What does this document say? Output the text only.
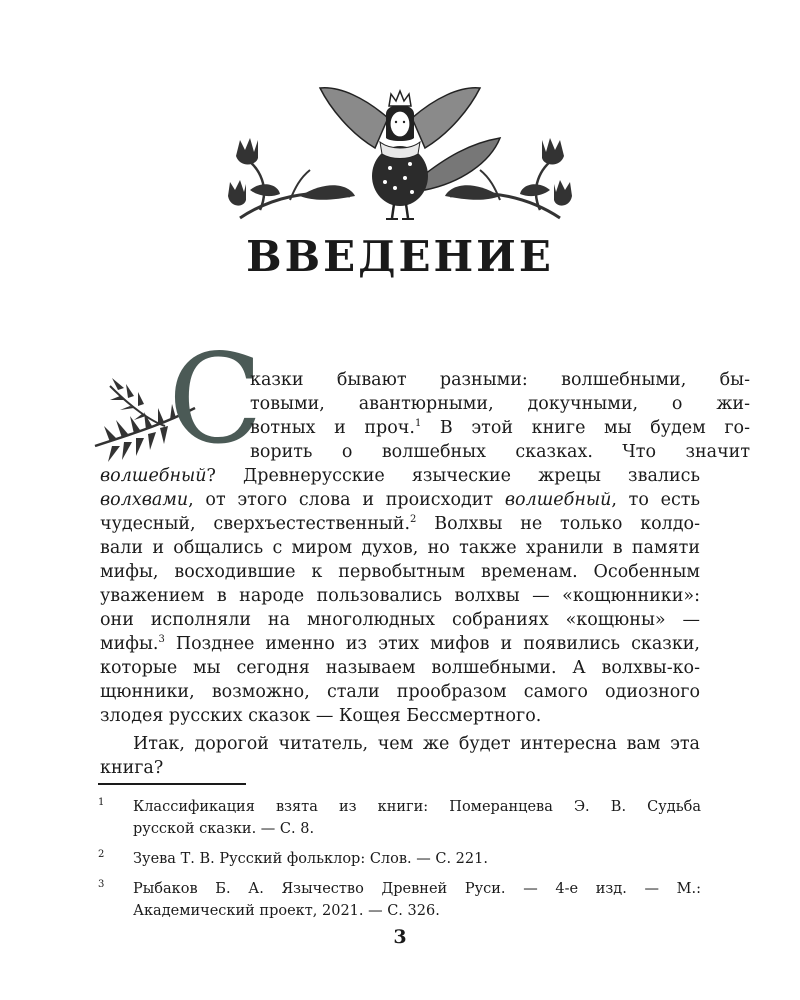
ВВЕДЕНИЕ
С
казки бывают разными: волшебными, бы-
товыми, авантюрными, докучными, о жи-
вотных и проч.$^1$ В этой книге мы будем го-
ворить о волшебных сказках. Что значит
волшебный? Древнерусские языческие жрецы звались
волхвами, от этого слова и происходит волшебный, то есть
чудесный, сверхъестественный.$^2$ Волхвы не только колдо-
вали и общались с миром духов, но также хранили в памяти
мифы, восходившие к первобытным временам. Особенным
уважением в народе пользовались волхвы — «кощюнники»:
они исполняли на многолюдных собраниях «кощюны» —
мифы.$^3$ Позднее именно из этих мифов и появились сказки,
которые мы сегодня называем волшебными. А волхвы-ко-
щюнники, возможно, стали прообразом самого одиозного
злодея русских сказок — Кощея Бессмертного.
Итак, дорогой читатель, чем же будет интересна вам эта
книга?
1 Классификация взята из книги: Померанцева Э. В. Судьба
русской сказки. — С. 8.
2 Зуева Т. В. Русский фольклор: Слов. — С. 221.
3 Рыбаков Б. А. Язычество Древней Руси. — 4-е изд. — М.:
Академический проект, 2021. — С. 326.
3
